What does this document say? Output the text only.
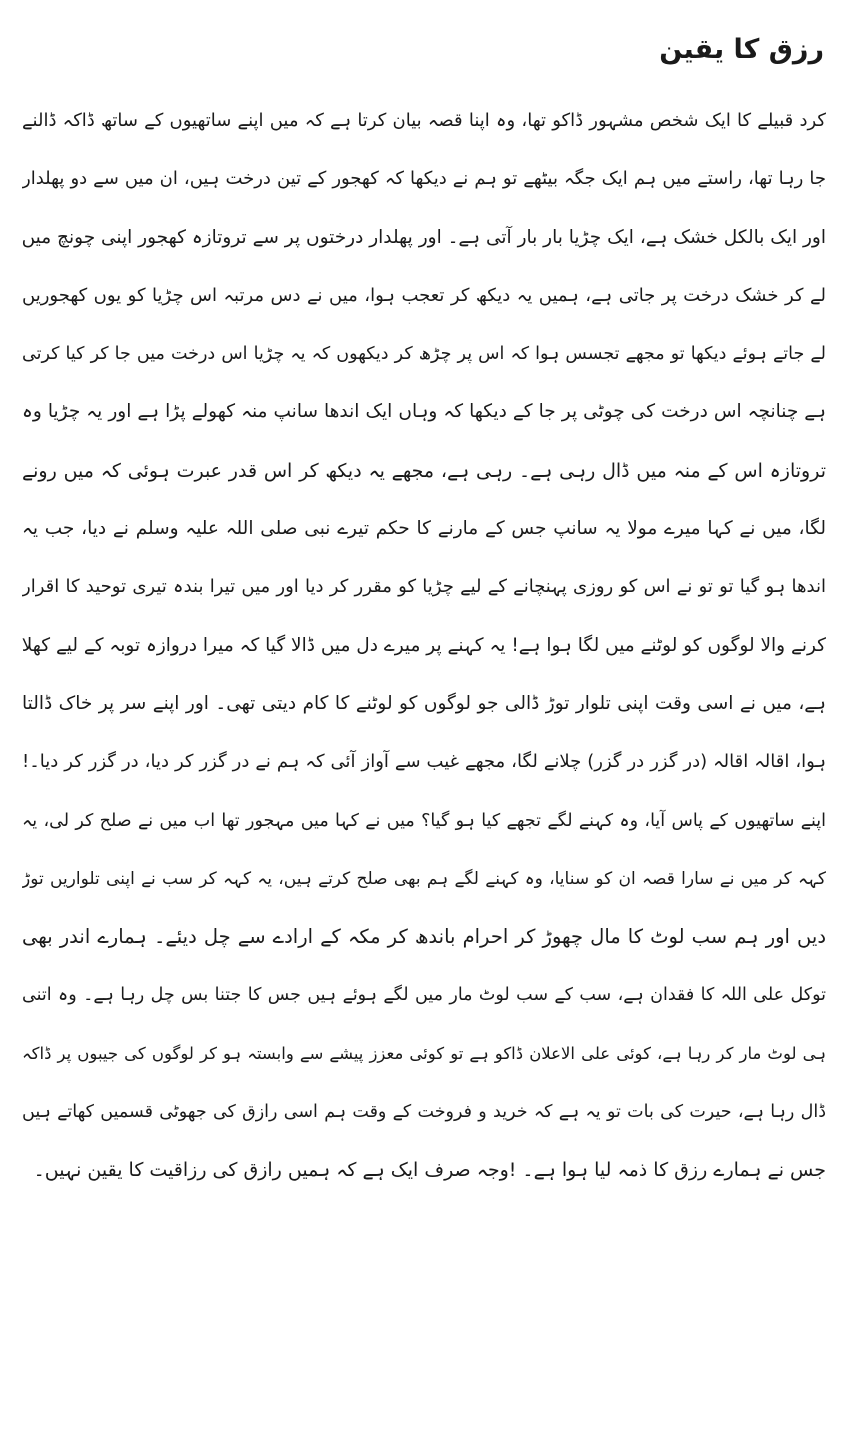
رزق کا یقین
کرد قبیلے کا ایک شخص مشہور ڈاکو تھا، وہ اپنا قصہ بیان کرتا ہے کہ میں اپنے ساتھیوں کے ساتھ ڈاکہ ڈالنے
جا رہا تھا، راستے میں ہم ایک جگہ بیٹھے تو ہم نے دیکھا کہ کھجور کے تین درخت ہیں، ان میں سے دو پھلدار
اور ایک بالکل خشک ہے، ایک چڑیا بار بار آتی ہے۔ اور پھلدار درختوں پر سے تروتازہ کھجور اپنی چونچ میں
لے کر خشک درخت پر جاتی ہے، ہمیں یہ دیکھ کر تعجب ہوا، میں نے دس مرتبہ اس چڑیا کو یوں کھجوریں
لے جاتے ہوئے دیکھا تو مجھے تجسس ہوا کہ اس پر چڑھ کر دیکھوں کہ یہ چڑیا اس درخت میں جا کر کیا کرتی
ہے چنانچہ اس درخت کی چوٹی پر جا کے دیکھا کہ وہاں ایک اندھا سانپ منہ کھولے پڑا ہے اور یہ چڑیا وہ
تروتازہ اس کے منہ میں ڈال رہی ہے۔ رہی ہے، مجھے یہ دیکھ کر اس قدر عبرت ہوئی کہ میں رونے
لگا، میں نے کہا میرے مولا یہ سانپ جس کے مارنے کا حکم تیرے نبی صلی اللہ علیہ وسلم نے دیا، جب یہ
اندھا ہو گیا تو تو نے اس کو روزی پہنچانے کے لیے چڑیا کو مقرر کر دیا اور میں تیرا بندہ تیری توحید کا اقرار
کرنے والا لوگوں کو لوٹنے میں لگا ہوا ہے! یہ کہنے پر میرے دل میں ڈالا گیا کہ میرا دروازہ توبہ کے لیے کھلا
ہے، میں نے اسی وقت اپنی تلوار توڑ ڈالی جو لوگوں کو لوٹنے کا کام دیتی تھی۔ اور اپنے سر پر خاک ڈالتا
ہوا، اقالہ اقالہ (در گزر در گزر) چلانے لگا، مجھے غیب سے آواز آئی کہ ہم نے در گزر کر دیا، در گزر کر دیا۔!
اپنے ساتھیوں کے پاس آیا، وہ کہنے لگے تجھے کیا ہو گیا؟ میں نے کہا میں مہجور تھا اب میں نے صلح کر لی، یہ
کہہ کر میں نے سارا قصہ ان کو سنایا، وہ کہنے لگے ہم بھی صلح کرتے ہیں، یہ کہہ کر سب نے اپنی تلواریں توڑ
دیں اور ہم سب لوٹ کا مال چھوڑ کر احرام باندھ کر مکہ کے ارادے سے چل دیئے۔ ہمارے اندر بھی
توکل علی اللہ کا فقدان ہے، سب کے سب لوٹ مار میں لگے ہوئے ہیں جس کا جتنا بس چل رہا ہے۔ وہ اتنی
ہی لوٹ مار کر رہا ہے، کوئی علی الاعلان ڈاکو ہے تو کوئی معزز پیشے سے وابستہ ہو کر لوگوں کی جیبوں پر ڈاکہ
ڈال رہا ہے، حیرت کی بات تو یہ ہے کہ خرید و فروخت کے وقت ہم اسی رازق کی جھوٹی قسمیں کھاتے ہیں
جس نے ہمارے رزق کا ذمہ لیا ہوا ہے۔ !وجہ صرف ایک ہے کہ ہمیں رازق کی رزاقیت کا یقین نہیں۔
